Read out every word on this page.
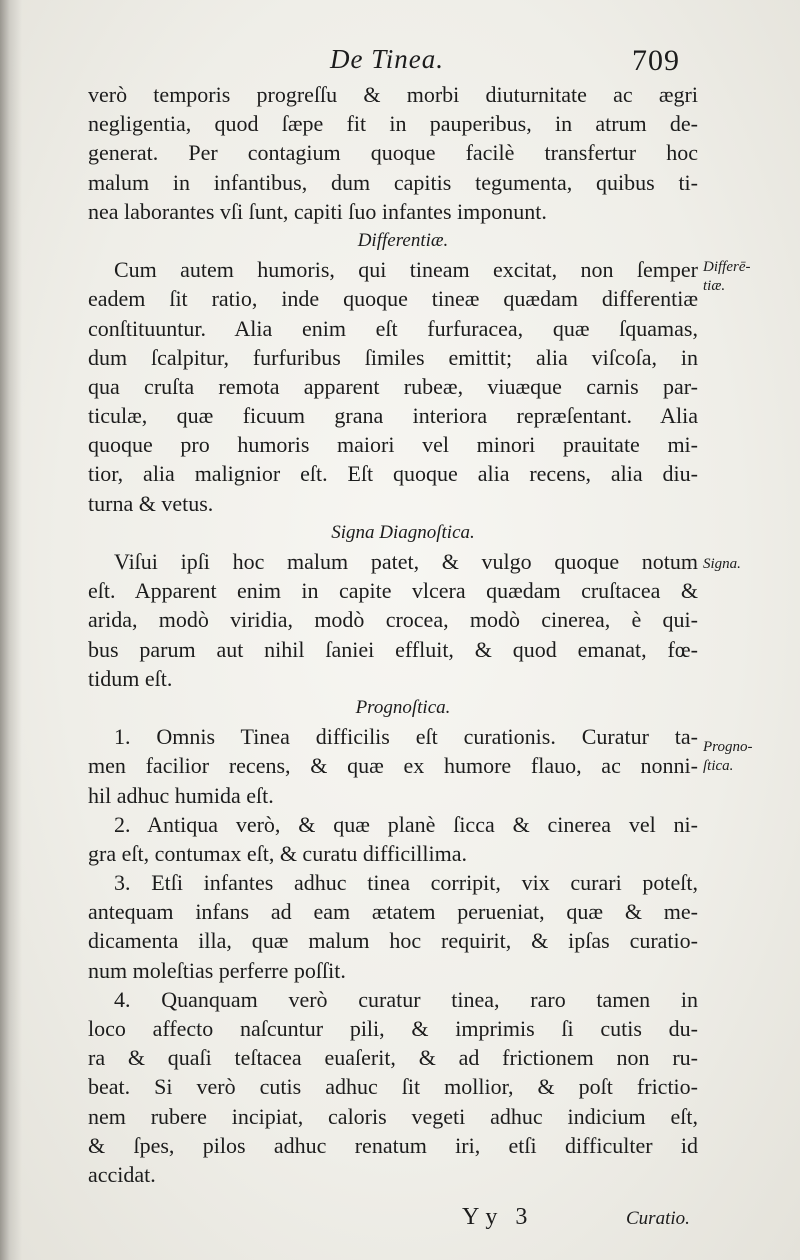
De Tinea.	709
verò temporis progreſſu & morbi diuturnitate ac ægri
negligentia, quod ſæpe fit in pauperibus, in atrum de-
generat. Per contagium quoque facilè transfertur hoc
malum in infantibus, dum capitis tegumenta, quibus ti-
nea laborantes vſi ſunt, capiti ſuo infantes imponunt.
Differentiæ.
Cum autem humoris, qui tineam excitat, non ſemper
eadem ſit ratio, inde quoque tineæ quædam differentiæ
conſtituuntur. Alia enim eſt furfuracea, quæ ſquamas,
dum ſcalpitur, furfuribus ſimiles emittit; alia viſcoſa, in
qua cruſta remota apparent rubeæ, viuæque carnis par-
ticulæ, quæ ficuum grana interiora repræſentant. Alia
quoque pro humoris maiori vel minori prauitate mi-
tior, alia malignior eſt. Eſt quoque alia recens, alia diu-
turna & vetus.
Signa Diagnoſtica.
Viſui ipſi hoc malum patet, & vulgo quoque notum
eſt. Apparent enim in capite vlcera quædam cruſtacea &
arida, modò viridia, modò crocea, modò cinerea, è qui-
bus parum aut nihil ſaniei effluit, & quod emanat, fœ-
tidum eſt.
Prognoſtica.
1. Omnis Tinea difficilis eſt curationis. Curatur ta-
men facilior recens, & quæ ex humore flauo, ac nonni-
hil adhuc humida eſt.
2. Antiqua verò, & quæ planè ſicca & cinerea vel ni-
gra eſt, contumax eſt, & curatu difficillima.
3. Etſi infantes adhuc tinea corripit, vix curari poteſt,
antequam infans ad eam ætatem perueniat, quæ & me-
dicamenta illa, quæ malum hoc requirit, & ipſas curatio-
num moleſtias perferre poſſit.
4. Quanquam verò curatur tinea, raro tamen in
loco affecto naſcuntur pili, & imprimis ſi cutis du-
ra & quaſi teſtacea euaſerit, & ad frictionem non ru-
beat. Si verò cutis adhuc ſit mollior, & poſt frictio-
nem rubere incipiat, caloris vegeti adhuc indicium eſt,
& ſpes, pilos adhuc renatum iri, etſi difficulter id
accidat.
Differē-
tiæ.
Signa.
Progno-
ſtica.
Yy 3	Curatio.
